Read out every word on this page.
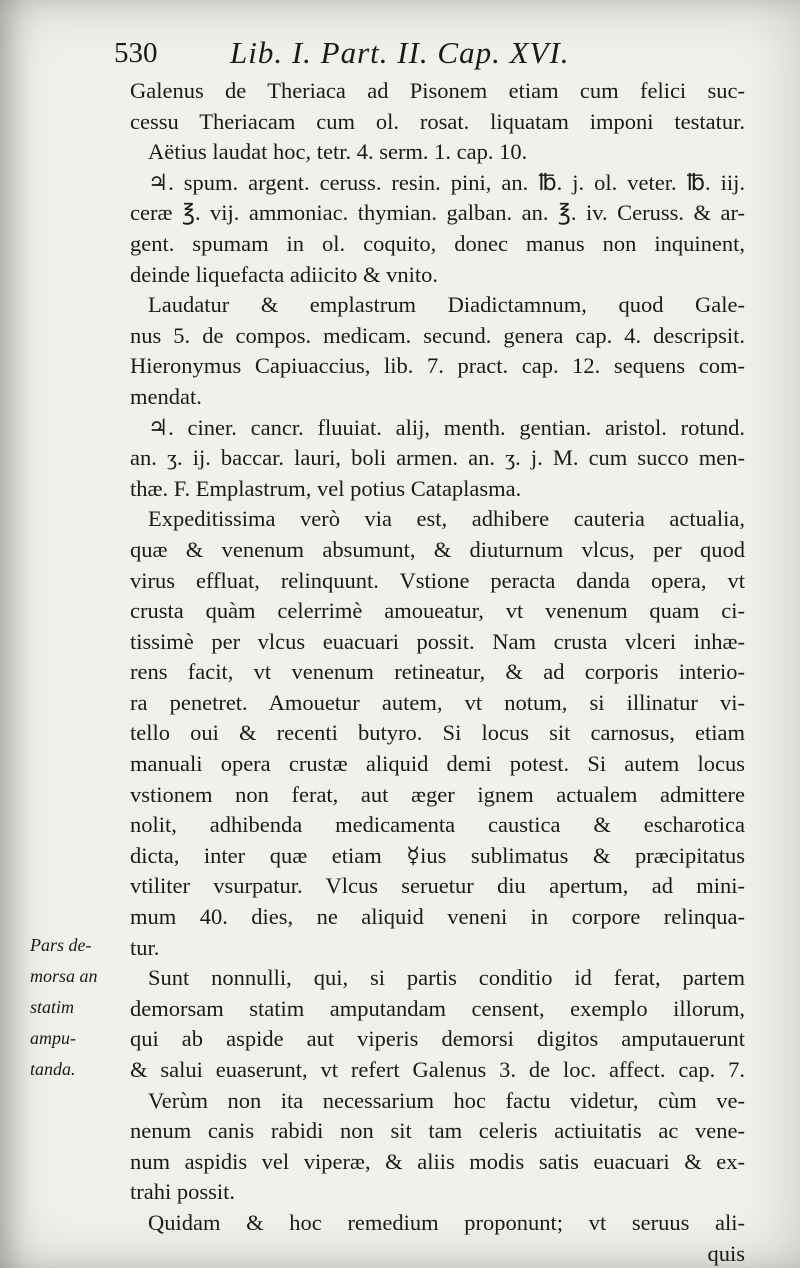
530 Lib. I. Part. II. Cap. XVI.
Galenus de Theriaca ad Pisonem etiam cum felici suc-
cessu Theriacam cum ol. rosat. liquatam imponi testatur.
Aëtius laudat hoc, tetr. 4. serm. 1. cap. 10.
♃. spum. argent. ceruss. resin. pini, an. ℔. j. ol. veter. ℔. iij.
ceræ ℥. vij. ammoniac. thymian. galban. an. ℥. iv. Ceruss. & ar-
gent. spumam in ol. coquito, donec manus non inquinent,
deinde liquefacta adiicito & vnito.
Laudatur & emplastrum Diadictamnum, quod Gale-
nus 5. de compos. medicam. secund. genera cap. 4. descripsit.
Hieronymus Capiuaccius, lib. 7. pract. cap. 12. sequens com-
mendat.
♃. ciner. cancr. fluuiat. alij, menth. gentian. aristol. rotund.
an. ʒ. ij. baccar. lauri, boli armen. an. ʒ. j. M. cum succo men-
thæ. F. Emplastrum, vel potius Cataplasma.
Expeditissima verò via est, adhibere cauteria actualia,
quæ & venenum absumunt, & diuturnum vlcus, per quod
virus effluat, relinquunt. Vstione peracta danda opera, vt
crusta quàm celerrimè amoueatur, vt venenum quam ci-
tissimè per vlcus euacuari possit. Nam crusta vlceri inhæ-
rens facit, vt venenum retineatur, & ad corporis interio-
ra penetret. Amouetur autem, vt notum, si illinatur vi-
tello oui & recenti butyro. Si locus sit carnosus, etiam
manuali opera crustæ aliquid demi potest. Si autem locus
vstionem non ferat, aut æger ignem actualem admittere
nolit, adhibenda medicamenta caustica & escharotica
dicta, inter quæ etiam ☿ius sublimatus & præcipitatus
vtiliter vsurpatur. Vlcus seruetur diu apertum, ad mini-
mum 40. dies, ne aliquid veneni in corpore relinqua-
tur.
Sunt nonnulli, qui, si partis conditio id ferat, partem
demorsam statim amputandam censent, exemplo illorum,
qui ab aspide aut viperis demorsi digitos amputauerunt
& salui euaserunt, vt refert Galenus 3. de loc. affect. cap. 7.
Verùm non ita necessarium hoc factu videtur, cùm ve-
nenum canis rabidi non sit tam celeris actiuitatis ac vene-
num aspidis vel viperæ, & aliis modis satis euacuari & ex-
trahi possit.
Quidam & hoc remedium proponunt; vt seruus ali-
quis
Pars de-
morsa an
statim
ampu-
tanda.
